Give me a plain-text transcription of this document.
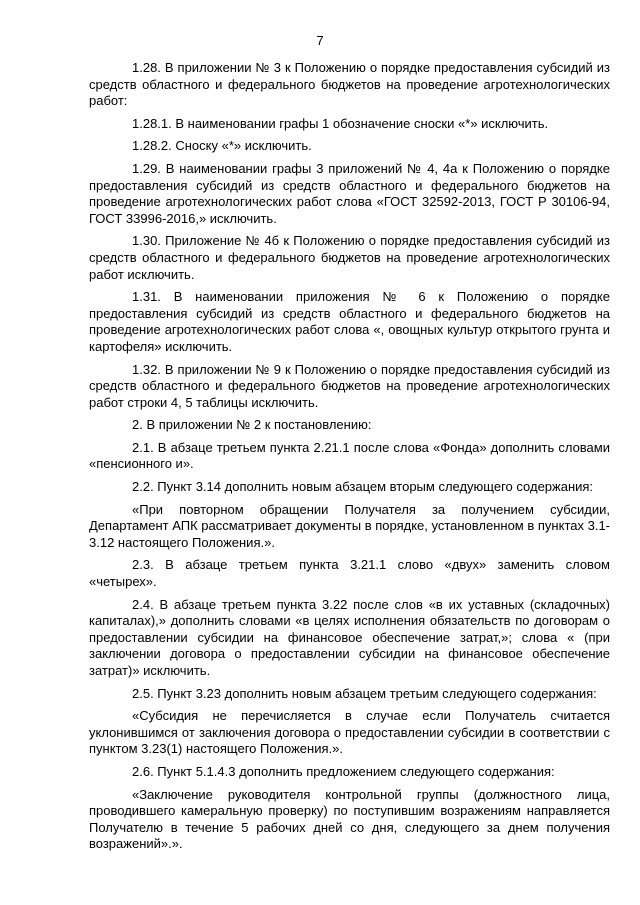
7

1.28. В приложении № 3 к Положению о порядке предоставления субсидий из средств областного и федерального бюджетов на проведение агротехнологических работ:

1.28.1. В наименовании графы 1 обозначение сноски «*» исключить.

1.28.2. Сноску «*» исключить.

1.29. В наименовании графы 3 приложений № 4, 4а к Положению о порядке предоставления субсидий из средств областного и федерального бюджетов на проведение агротехнологических работ слова «ГОСТ 32592-2013, ГОСТ Р 30106-94, ГОСТ 33996-2016,» исключить.

1.30. Приложение № 4б к Положению о порядке предоставления субсидий из средств областного и федерального бюджетов на проведение агротехнологических работ исключить.

1.31. В наименовании приложения № 6 к Положению о порядке предоставления субсидий из средств областного и федерального бюджетов на проведение агротехнологических работ слова «, овощных культур открытого грунта и картофеля» исключить.

1.32. В приложении № 9 к Положению о порядке предоставления субсидий из средств областного и федерального бюджетов на проведение агротехнологических работ строки 4, 5 таблицы исключить.

2. В приложении № 2 к постановлению:

2.1. В абзаце третьем пункта 2.21.1 после слова «Фонда» дополнить словами «пенсионного и».

2.2. Пункт 3.14 дополнить новым абзацем вторым следующего содержания:

«При повторном обращении Получателя за получением субсидии, Департамент АПК рассматривает документы в порядке, установленном в пунктах 3.1-3.12 настоящего Положения.».

2.3. В абзаце третьем пункта 3.21.1 слово «двух» заменить словом «четырех».

2.4. В абзаце третьем пункта 3.22 после слов «в их уставных (складочных) капиталах),» дополнить словами «в целях исполнения обязательств по договорам о предоставлении субсидии на финансовое обеспечение затрат,»; слова « (при заключении договора о предоставлении субсидии на финансовое обеспечение затрат)» исключить.

2.5. Пункт 3.23 дополнить новым абзацем третьим следующего содержания:

«Субсидия не перечисляется в случае если Получатель считается уклонившимся от заключения договора о предоставлении субсидии в соответствии с пунктом 3.23(1) настоящего Положения.».

2.6. Пункт 5.1.4.3 дополнить предложением следующего содержания:

«Заключение руководителя контрольной группы (должностного лица, проводившего камеральную проверку) по поступившим возражениям направляется Получателю в течение 5 рабочих дней со дня, следующего за днем получения возражений».».
